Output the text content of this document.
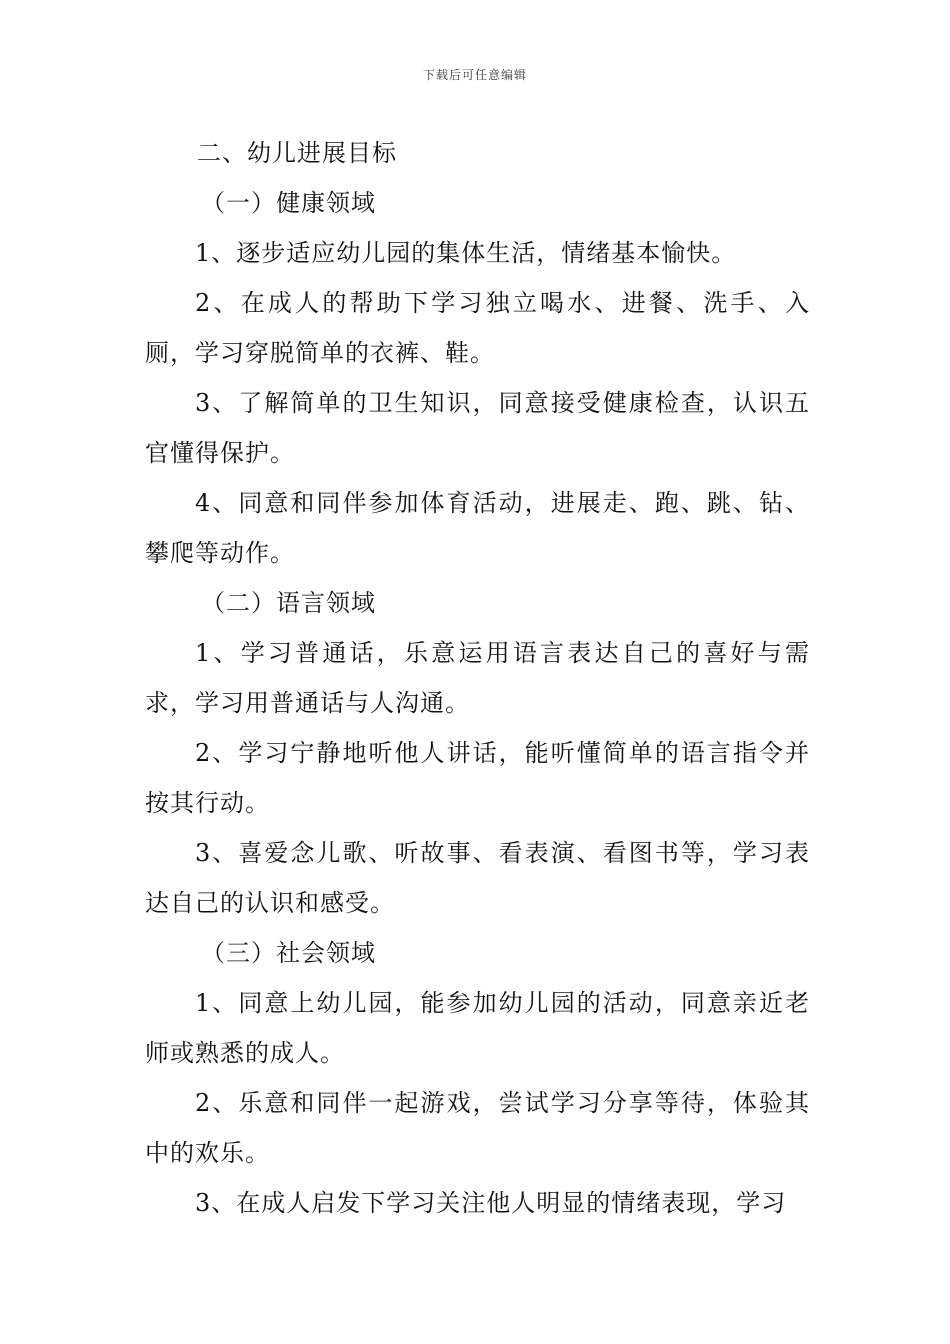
下载后可任意编辑

二、幼儿进展目标

（一）健康领域

1、逐步适应幼儿园的集体生活，情绪基本愉快。

2、在成人的帮助下学习独立喝水、进餐、洗手、入厕，学习穿脱简单的衣裤、鞋。

3、了解简单的卫生知识，同意接受健康检查，认识五官懂得保护。

4、同意和同伴参加体育活动，进展走、跑、跳、钻、攀爬等动作。

（二）语言领域

1、学习普通话，乐意运用语言表达自己的喜好与需求，学习用普通话与人沟通。

2、学习宁静地听他人讲话，能听懂简单的语言指令并按其行动。

3、喜爱念儿歌、听故事、看表演、看图书等，学习表达自己的认识和感受。

（三）社会领域

1、同意上幼儿园，能参加幼儿园的活动，同意亲近老师或熟悉的成人。

2、乐意和同伴一起游戏，尝试学习分享等待，体验其中的欢乐。

3、在成人启发下学习关注他人明显的情绪表现，学习
